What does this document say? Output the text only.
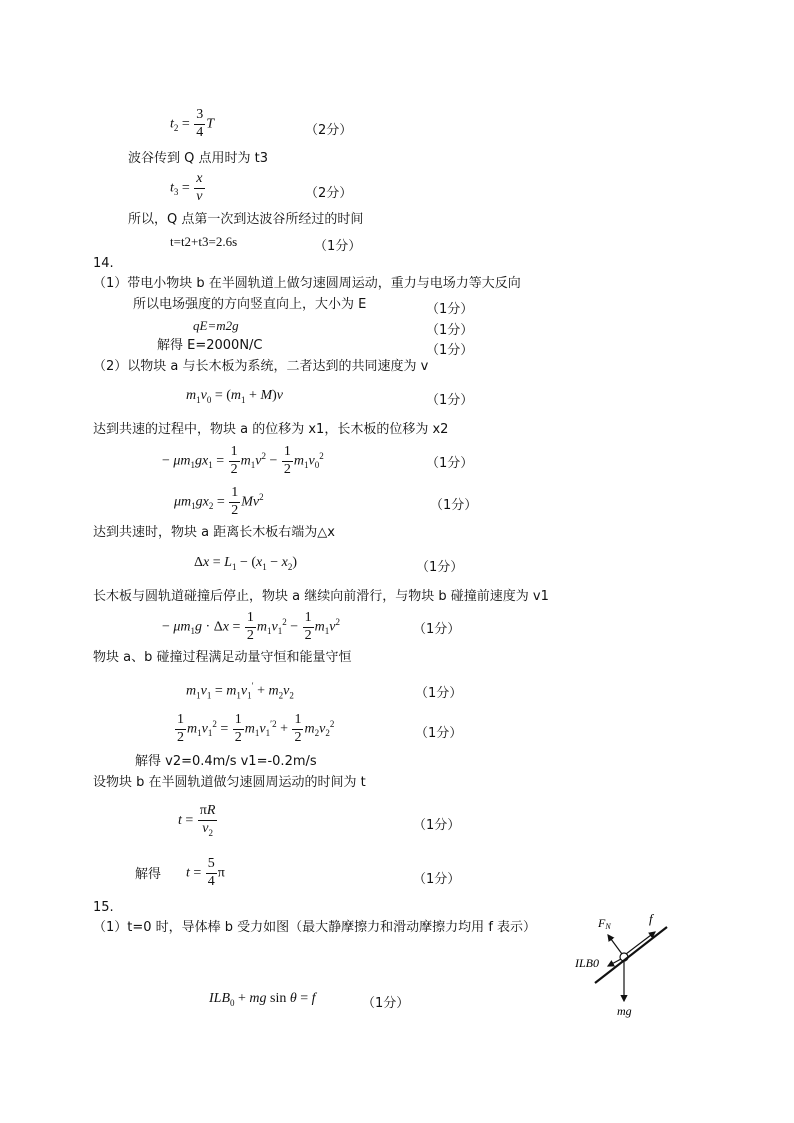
$t_2 = \frac{3}{4}$ T	（2分）
波谷传到 Q 点用时为 t3
$t_3 = \frac{x}{v}$	（2分）
所以，Q 点第一次到达波谷所经过的时间
t=t2+t3=2.6s	（1分）
14.
（1）带电小物块 b 在半圆轨道上做匀速圆周运动，重力与电场力等大反向
所以电场强度的方向竖直向上，大小为 E	（1分）
qE=m2g	（1分）
解得 E=2000N/C	（1分）
（2）以物块 a 与长木板为系统，二者达到的共同速度为 v
$m_1v_0 = (m_1 + M)v$	（1分）
达到共速的过程中，物块 a 的位移为 x1，长木板的位移为 x2
− $\mu m_1gx_1 = \frac{1}{2} m_1v^2 - \frac{1}{2} m_1v_0^2$
（1分）
$\mu m_1gx_2 = \frac{1}{2} Mv^2$
（1分）
达到共速时，物块 a 距离长木板右端为△x
$\Delta x = L_1 - (x_1 - x_2)$	（1分）
长木板与圆轨道碰撞后停止，物块 a 继续向前滑行，与物块 b 碰撞前速度为 v1
− $\mu m_1g \cdot \Delta x = \frac{1}{2} m_1v_1^2 - \frac{1}{2} m_1v^2$
（1分）
物块 a、b 碰撞过程满足动量守恒和能量守恒
$m_1v_1 = m_1v_1' + m_2v_2$	（1分）
$\frac{1}{2} m_1v_1^2 = \frac{1}{2} m_1v_1^{'2} + \frac{1}{2} m_2v_2^2$
（1分）
解得 v2=0.4m/s v1=-0.2m/s
设物块 b 在半圆轨道做匀速圆周运动的时间为 t
$t = \frac{\pi R}{v_2}$	（1分）
解得 $t = \frac{5}{4}$ π	（1分）
15.
（1）t=0 时，导体棒 b 受力如图（最大静摩擦力和滑动摩擦力均用 f 表示）
$ILB_0$ + mg sin θ = f	（1分）
FN
f
ILB0
mg
